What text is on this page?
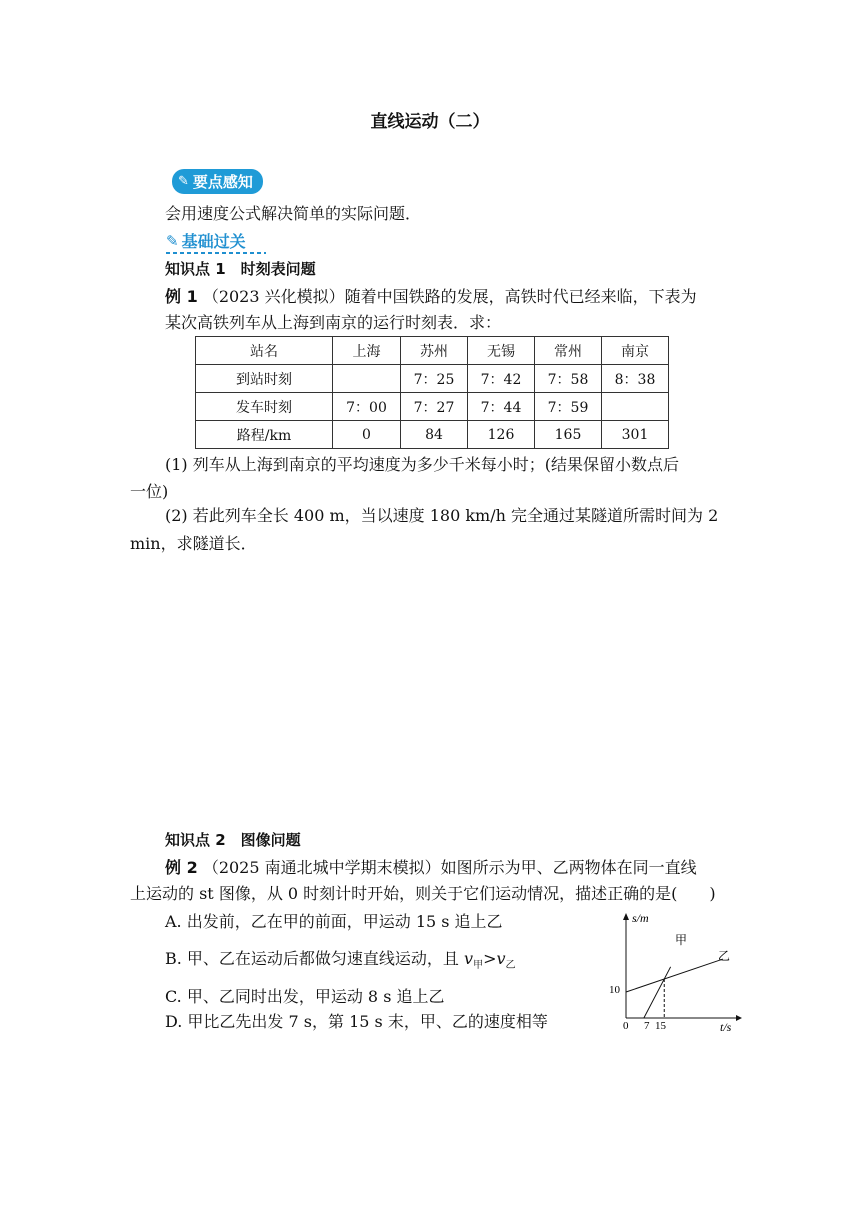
直线运动（二）
✎ 要点感知
会用速度公式解决简单的实际问题．
✎ 基础过关
知识点 1　时刻表问题
例 1 （2023 兴化模拟）随着中国铁路的发展，高铁时代已经来临，下表为
某次高铁列车从上海到南京的运行时刻表．求：
站名	上海	苏州	无锡	常州	南京
到站时刻		7：25	7：42	7：58	8：38
发车时刻	7：00	7：27	7：44	7：59	
路程/km	0	84	126	165	301
(1) 列车从上海到南京的平均速度为多少千米每小时；(结果保留小数点后
一位)
(2) 若此列车全长 400 m，当以速度 180 km/h 完全通过某隧道所需时间为 2
min，求隧道长．
知识点 2　图像问题
例 2 （2025 南通北城中学期末模拟）如图所示为甲、乙两物体在同一直线
上运动的 st 图像，从 0 时刻计时开始，则关于它们运动情况，描述正确的是(　　)
A. 出发前，乙在甲的前面，甲运动 15 s 追上乙
B. 甲、乙在运动后都做匀速直线运动，且 $v_甲>v_乙$
C. 甲、乙同时出发，甲运动 8 s 追上乙
D. 甲比乙先出发 7 s，第 15 s 末，甲、乙的速度相等
s/m
t/s
0 7 15
10
甲
乙
